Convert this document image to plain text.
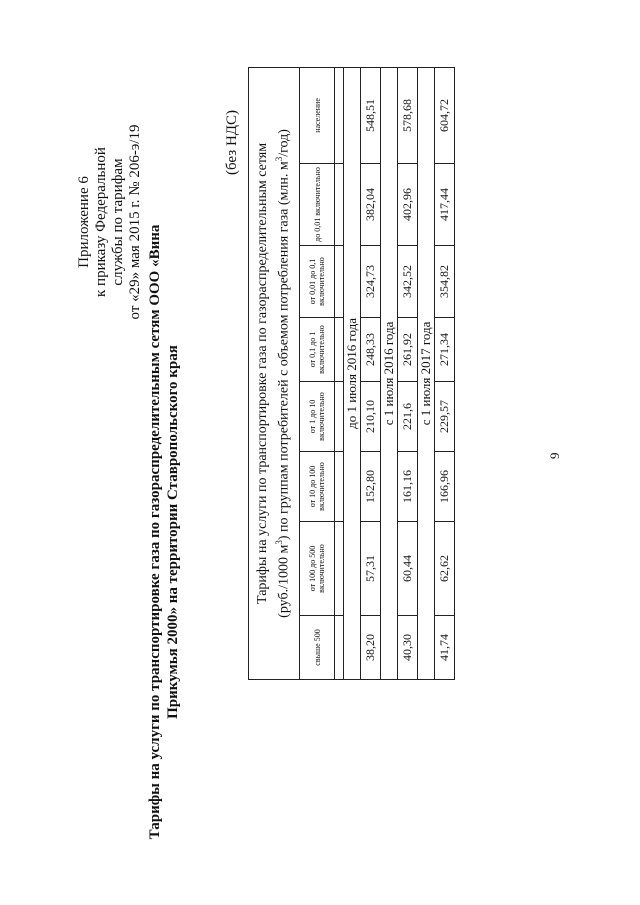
Приложение 6 к приказу Федеральной службы по тарифам от «29» мая 2015 г. № 206-э/19
Тарифы на услуги по транспортировке газа по газораспределительным сетям ООО «Вина Прикумья 2000» на территории Ставропольского края
(без НДС)
Тарифы на услуги по транспортировке газа по газораспределительным сетям (руб./1000 $м^3$) по группам потребителей с объемом потребления газа (млн. $м^3/год$)							

свыше 500	от 100 до 500 включительно	от 10 до 100 включительно	от 1 до 10 включительно	от 0,1 до 1 включительно	от 0,01 до 0,1 включительно	до 0,01 включительно	население

до 1 июля 2016 года							
38,20	57,31	152,80	210,10	248,33	324,73	382,04	548,51
с 1 июля 2016 года							
40,30	60,44	161,16	221,6	261,92	342,52	402,96	578,68
с 1 июля 2017 года							
41,74	62,62	166,96	229,57	271,34	354,82	417,44	604,72
9
